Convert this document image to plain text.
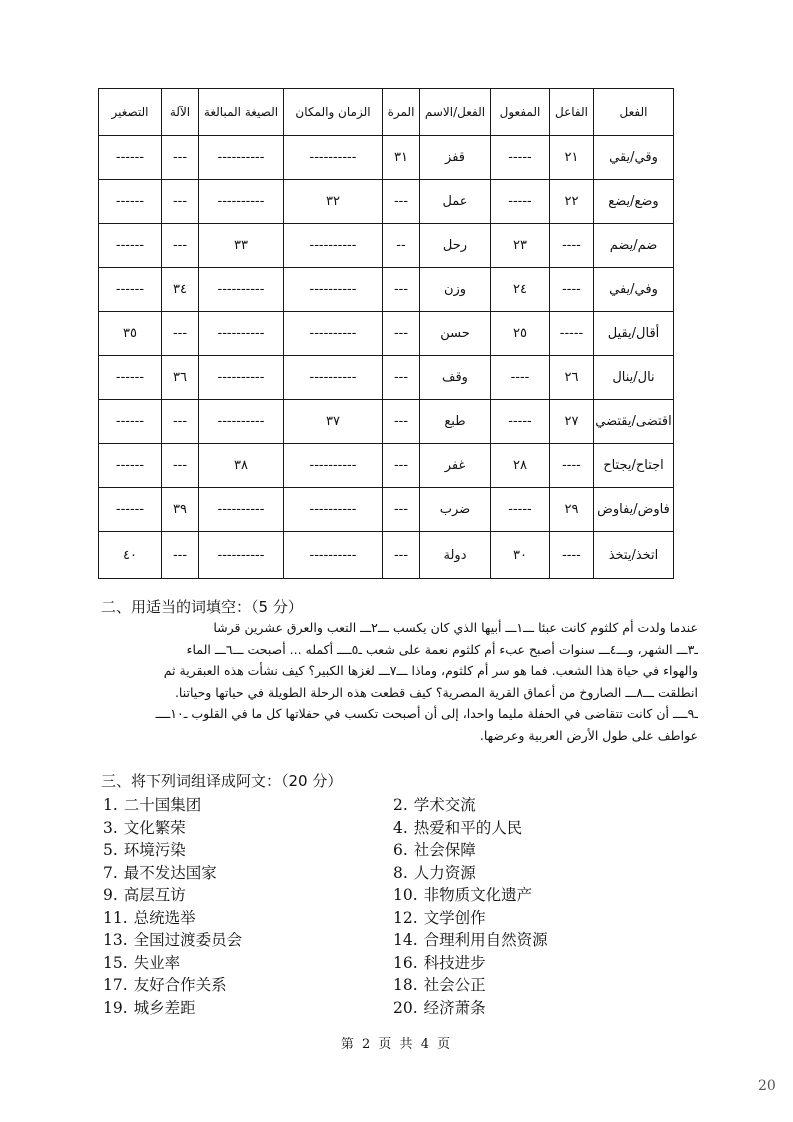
الفعل	الفاعل	المفعول	الفعل/الاسم	المرة	الزمان والمكان	الصيغة المبالغة	الآلة	التصغير
وقي/يقي	٢١	-----	قفز	٣١	----------	----------	---	------
وضع/يضع	٢٢	-----	عمل	---	٣٢	----------	---	------
ضم/يضم	----	٢٣	رحل	--	----------	٣٣	---	------
وفي/يفي	----	٢٤	وزن	---	----------	----------	٣٤	------
أقال/يقيل	-----	٢٥	حسن	---	----------	----------	---	٣٥
نال/ينال	٢٦	----	وقف	---	----------	----------	٣٦	------
اقتضى/يقتضي	٢٧	-----	طبع	---	٣٧	----------	---	------
اجتاح/يجتاح	----	٢٨	غفر	---	----------	٣٨	---	------
فاوض/يفاوض	٢٩	-----	ضرب	---	----------	----------	٣٩	------
اتخذ/يتخذ	----	٣٠	دولة	---	----------	----------	---	٤٠
二、用适当的词填空：（5 分）

عندما ولدت أم كلثوم كانت عبئا ـــ١ـــ أبيها الذي كان يكسب ـــ٢ـــ التعب والعرق عشرين قرشا

ـ٣ـــ الشهر، وـــ٤ـــ سنوات أصبح عبء أم كلثوم نعمة على شعب ـ٥ــــ أكمله ... أصبحت ـــ٦ـــ الماء

والهواء في حياة هذا الشعب. فما هو سر أم كلثوم، وماذا ـــ٧ـــ لغزها الكبير؟ كيف نشأت هذه العبقرية ثم

انطلقت ـــ٨ـــ الصاروخ من أعماق القرية المصرية؟ كيف قطعت هذه الرحلة الطويلة في حياتها وحياتنا.

ـ٩ــــ أن كانت تتقاضى في الحفلة مليما واحدا، إلى أن أصبحت تكسب في حفلاتها كل ما في القلوب ـ١٠ــــ

عواطف على طول الأرض العربية وعرضها.

三、将下列词组译成阿文：（20 分）
1. 二十国集团	2. 学术交流
3. 文化繁荣	4. 热爱和平的人民
5. 环境污染	6. 社会保障
7. 最不发达国家	8. 人力资源
9. 高层互访	10. 非物质文化遗产
11. 总统选举	12. 文学创作
13. 全国过渡委员会	14. 合理利用自然资源
15. 失业率	16. 科技进步
17. 友好合作关系	18. 社会公正
19. 城乡差距	20. 经济萧条
第 2 页 共 4 页
20
